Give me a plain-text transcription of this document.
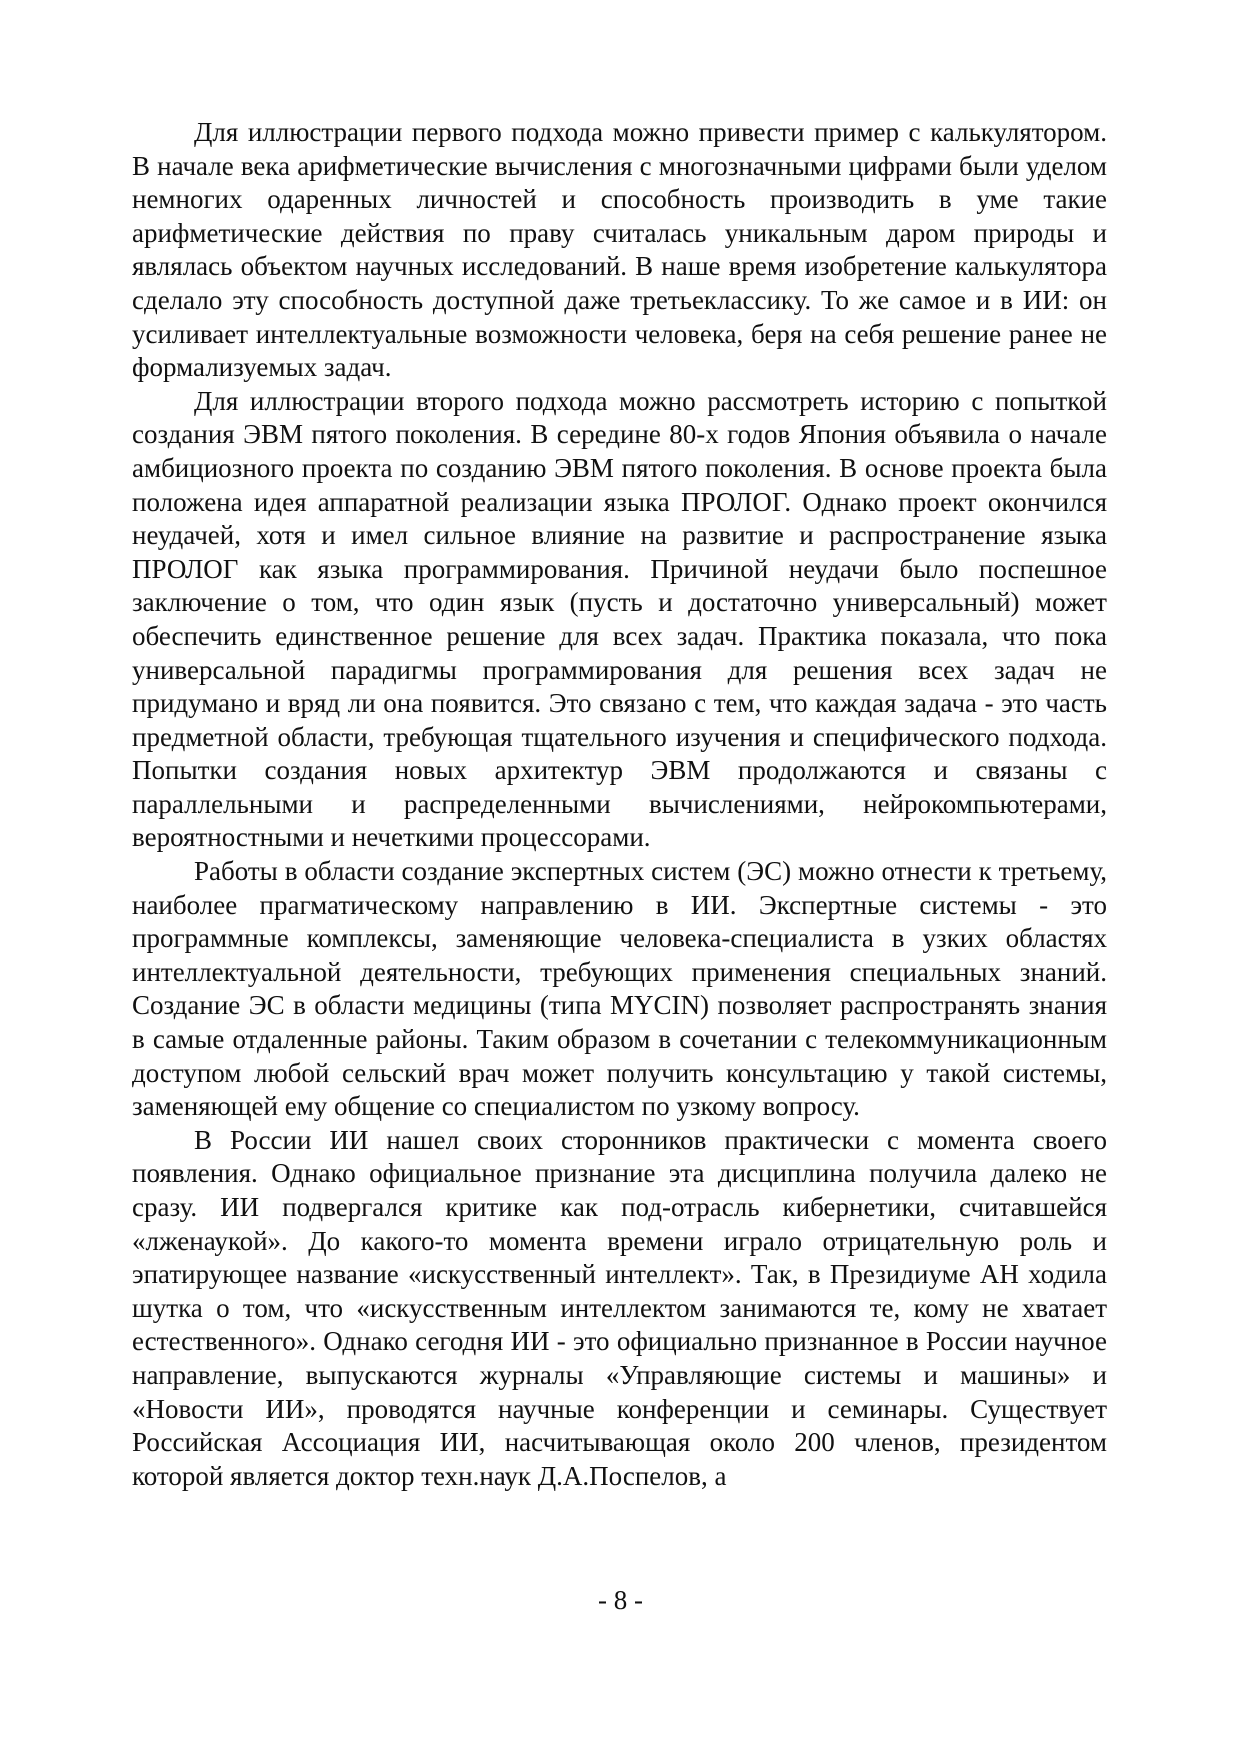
Для иллюстрации первого подхода можно привести пример с калькулятором. В начале века арифметические вычисления с многозначными цифрами были уделом немногих одаренных личностей и способность производить в уме такие арифметические действия по праву считалась уникальным даром природы и являлась объектом научных исследований. В наше время изобретение калькулятора сделало эту способность доступной даже третьеклассику. То же самое и в ИИ: он усиливает интеллектуальные возможности человека, беря на себя решение ранее не формализуемых задач.

Для иллюстрации второго подхода можно рассмотреть историю с попыткой создания ЭВМ пятого поколения. В середине 80-х годов Япония объявила о начале амбициозного проекта по созданию ЭВМ пятого поколения. В основе проекта была положена идея аппаратной реализации языка ПРОЛОГ. Однако проект окончился неудачей, хотя и имел сильное влияние на развитие и распространение языка ПРОЛОГ как языка программирования. Причиной неудачи было поспешное заключение о том, что один язык (пусть и достаточно универсальный) может обеспечить единственное решение для всех задач. Практика показала, что пока универсальной парадигмы программирования для решения всех задач не придумано и вряд ли она появится. Это связано с тем, что каждая задача - это часть предметной области, требующая тщательного изучения и специфического подхода. Попытки создания новых архитектур ЭВМ продолжаются и связаны с параллельными и распределенными вычислениями, нейрокомпьютерами, вероятностными и нечеткими процессорами.

Работы в области создание экспертных систем (ЭС) можно отнести к третьему, наиболее прагматическому направлению в ИИ. Экспертные системы - это программные комплексы, заменяющие человека-специалиста в узких областях интеллектуальной деятельности, требующих применения специальных знаний. Создание ЭС в области медицины (типа MYCIN) позволяет распространять знания в самые отдаленные районы. Таким образом в сочетании с телекоммуникационным доступом любой сельский врач может получить консультацию у такой системы, заменяющей ему общение со специалистом по узкому вопросу.

В России ИИ нашел своих сторонников практически с момента своего появления. Однако официальное признание эта дисциплина получила далеко не сразу. ИИ подвергался критике как под-отрасль кибернетики, считавшейся «лженаукой». До какого-то момента времени играло отрицательную роль и эпатирующее название «искусственный интеллект». Так, в Президиуме АН ходила шутка о том, что «искусственным интеллектом занимаются те, кому не хватает естественного». Однако сегодня ИИ - это официально признанное в России научное направление, выпускаются журналы «Управляющие системы и машины» и «Новости ИИ», проводятся научные конференции и семинары. Существует Российская Ассоциация ИИ, насчитывающая около 200 членов, президентом которой является доктор техн.наук Д.А.Поспелов, а

- 8 -
